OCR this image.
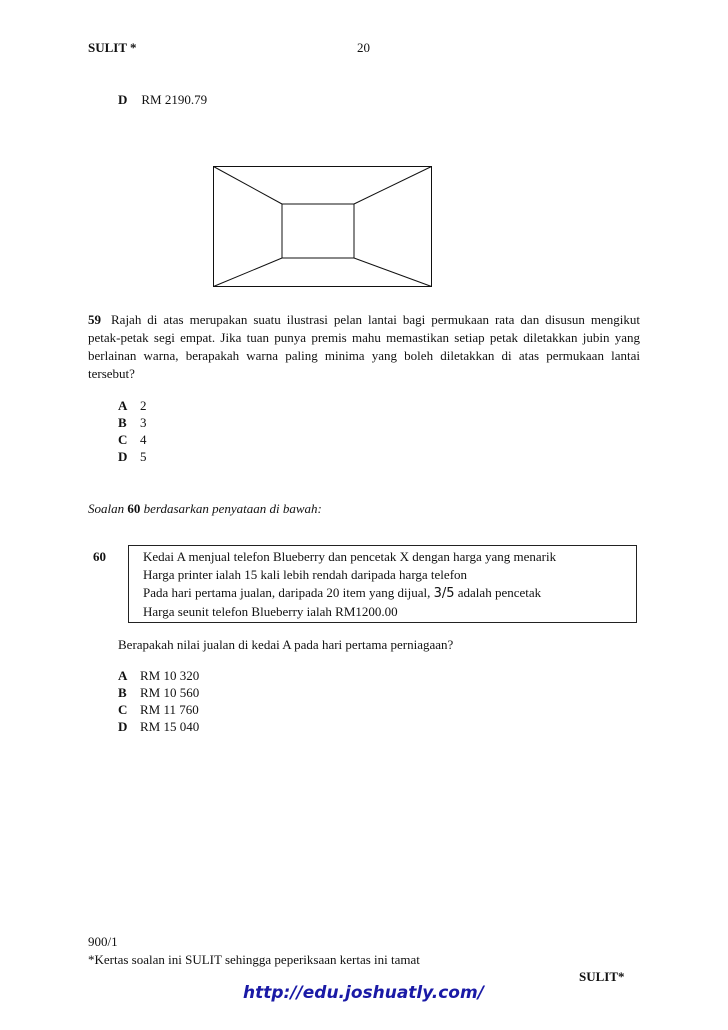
SULIT *	20
D RM 2190.79
59 Rajah di atas merupakan suatu ilustrasi pelan lantai bagi permukaan rata dan disusun mengikut petak-petak segi empat. Jika tuan punya premis mahu memastikan setiap petak diletakkan jubin yang berlainan warna, berapakah warna paling minima yang boleh diletakkan di atas permukaan lantai tersebut?
A 2
B	3
C 4
D 5
Soalan 60 berdasarkan penyataan di bawah:
60	Kedai A menjual telefon Blueberry dan pencetak X dengan harga yang menarik
Harga printer ialah 15 kali lebih rendah daripada harga telefon
Pada hari pertama jualan, daripada 20 item yang dijual, 3/5 adalah pencetak
Harga seunit telefon Blueberry ialah RM1200.00
Berapakah nilai jualan di kedai A pada hari pertama perniagaan?
A RM 10 320
B	RM 10 560
C RM 11 760
D RM 15 040
900/1
*Kertas soalan ini SULIT sehingga peperiksaan kertas ini tamat
SULIT*
http://edu.joshuatly.com/
